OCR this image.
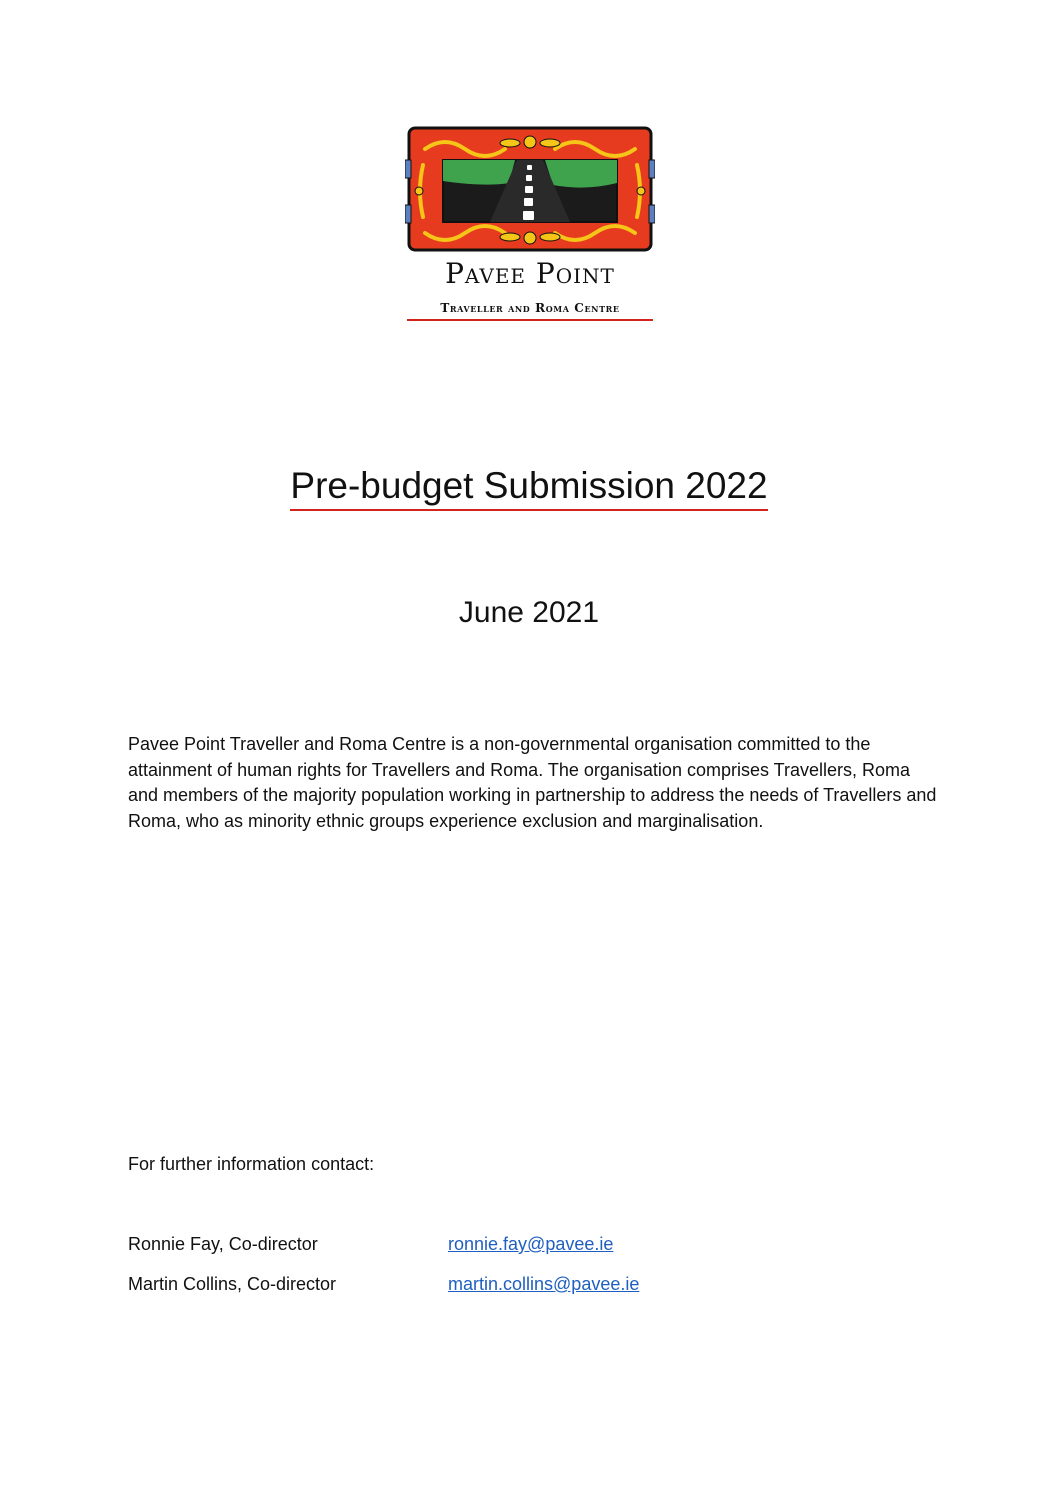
Pavee Point
Traveller and Roma Centre
Pre-budget Submission 2022
June 2021
Pavee Point Traveller and Roma Centre is a non-governmental organisation committed to the attainment of human rights for Travellers and Roma. The organisation comprises Travellers, Roma and members of the majority population working in partnership to address the needs of Travellers and Roma, who as minority ethnic groups experience exclusion and marginalisation.
For further information contact:
Ronnie Fay, Co-director	ronnie.fay@pavee.ie
Martin Collins, Co-director	martin.collins@pavee.ie
